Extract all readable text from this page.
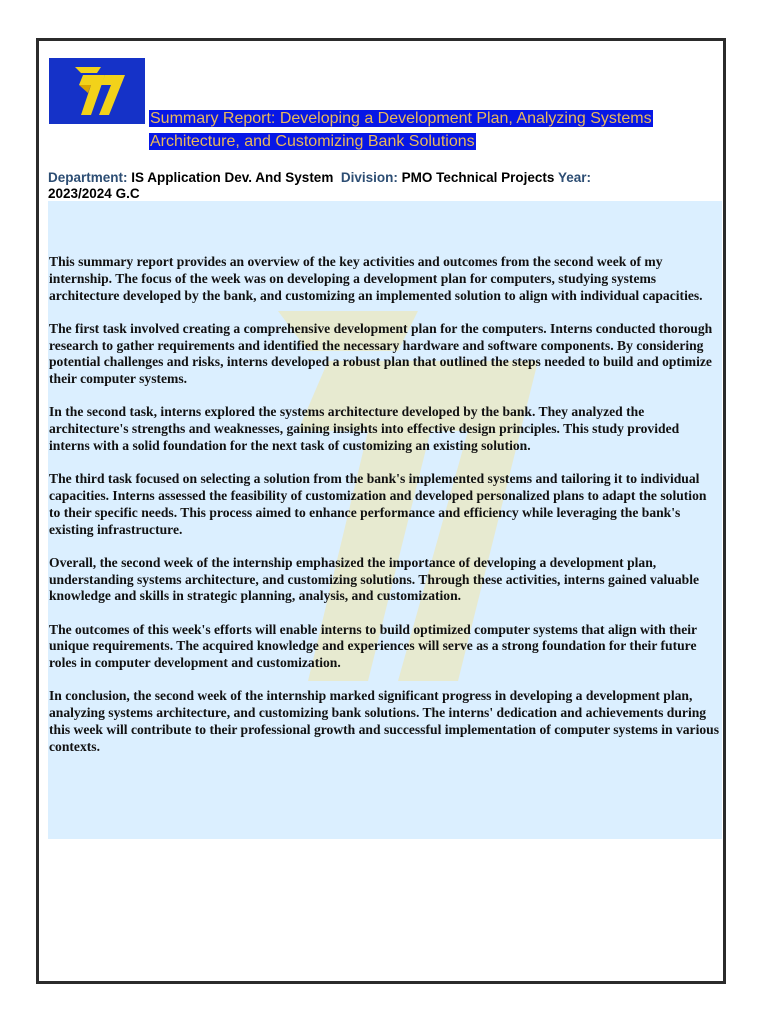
Summary Report: Developing a Development Plan, Analyzing Systems
Architecture, and Customizing Bank Solutions
Department: IS Application Dev. And System Division: PMO Technical Projects Year:
2023/2024 G.C

This summary report provides an overview of the key activities and outcomes from the second week of my internship. The focus of the week was on developing a development plan for computers, studying systems architecture developed by the bank, and customizing an implemented solution to align with individual capacities.

The first task involved creating a comprehensive development plan for the computers. Interns conducted thorough research to gather requirements and identified the necessary hardware and software components. By considering potential challenges and risks, interns developed a robust plan that outlined the steps needed to build and optimize their computer systems.

In the second task, interns explored the systems architecture developed by the bank. They analyzed the architecture's strengths and weaknesses, gaining insights into effective design principles. This study provided interns with a solid foundation for the next task of customizing an existing solution.

The third task focused on selecting a solution from the bank's implemented systems and tailoring it to individual capacities. Interns assessed the feasibility of customization and developed personalized plans to adapt the solution to their specific needs. This process aimed to enhance performance and efficiency while leveraging the bank's existing infrastructure.

Overall, the second week of the internship emphasized the importance of developing a development plan, understanding systems architecture, and customizing solutions. Through these activities, interns gained valuable knowledge and skills in strategic planning, analysis, and customization.

The outcomes of this week's efforts will enable interns to build optimized computer systems that align with their unique requirements. The acquired knowledge and experiences will serve as a strong foundation for their future roles in computer development and customization.

In conclusion, the second week of the internship marked significant progress in developing a development plan, analyzing systems architecture, and customizing bank solutions. The interns' dedication and achievements during this week will contribute to their professional growth and successful implementation of computer systems in various contexts.
